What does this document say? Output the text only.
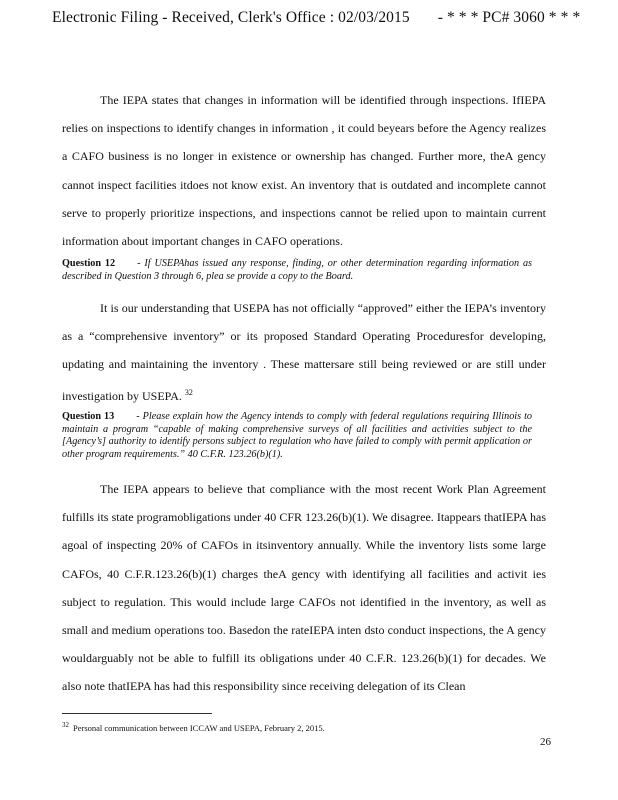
Electronic Filing - Received, Clerk's Office : 02/03/2015 - * * * PC# 3060 * * *
The IEPA states that changes in information will be identified through inspections. IfIEPA relies on inspections to identify changes in information , it could beyears before the Agency realizes a CAFO business is no longer in existence or ownership has changed. Further more, theA gency cannot inspect facilities itdoes not know exist. An inventory that is outdated and incomplete cannot serve to properly prioritize inspections, and inspections cannot be relied upon to maintain current information about important changes in CAFO operations.
Question 12 - If USEPAhas issued any response, finding, or other determination regarding information as described in Question 3 through 6, plea se provide a copy to the Board.
It is our understanding that USEPA has not officially “approved” either the IEPA’s inventory as a “comprehensive inventory” or its proposed Standard Operating Proceduresfor developing, updating and maintaining the inventory . These mattersare still being reviewed or are still under investigation by USEPA. $^{32}$
Question 13 - Please explain how the Agency intends to comply with federal regulations requiring Illinois to maintain a program “capable of making comprehensive surveys of all facilities and activities subject to the [Agency’s] authority to identify persons subject to regulation who have failed to comply with permit application or other program requirements.” 40 C.F.R. 123.26(b)(1).
The IEPA appears to believe that compliance with the most recent Work Plan Agreement fulfills its state programobligations under 40 CFR 123.26(b)(1). We disagree. Itappears thatIEPA has agoal of inspecting 20% of CAFOs in itsinventory annually. While the inventory lists some large CAFOs, 40 C.F.R.123.26(b)(1) charges theA gency with identifying all facilities and activit ies subject to regulation. This would include large CAFOs not identified in the inventory, as well as small and medium operations too. Basedon the rateIEPA inten dsto conduct inspections, the A gency wouldarguably not be able to fulfill its obligations under 40 C.F.R. 123.26(b)(1) for decades. We also note thatIEPA has had this responsibility since receiving delegation of its Clean
$^{32}$ Personal communication between ICCAW and USEPA, February 2, 2015.
26
